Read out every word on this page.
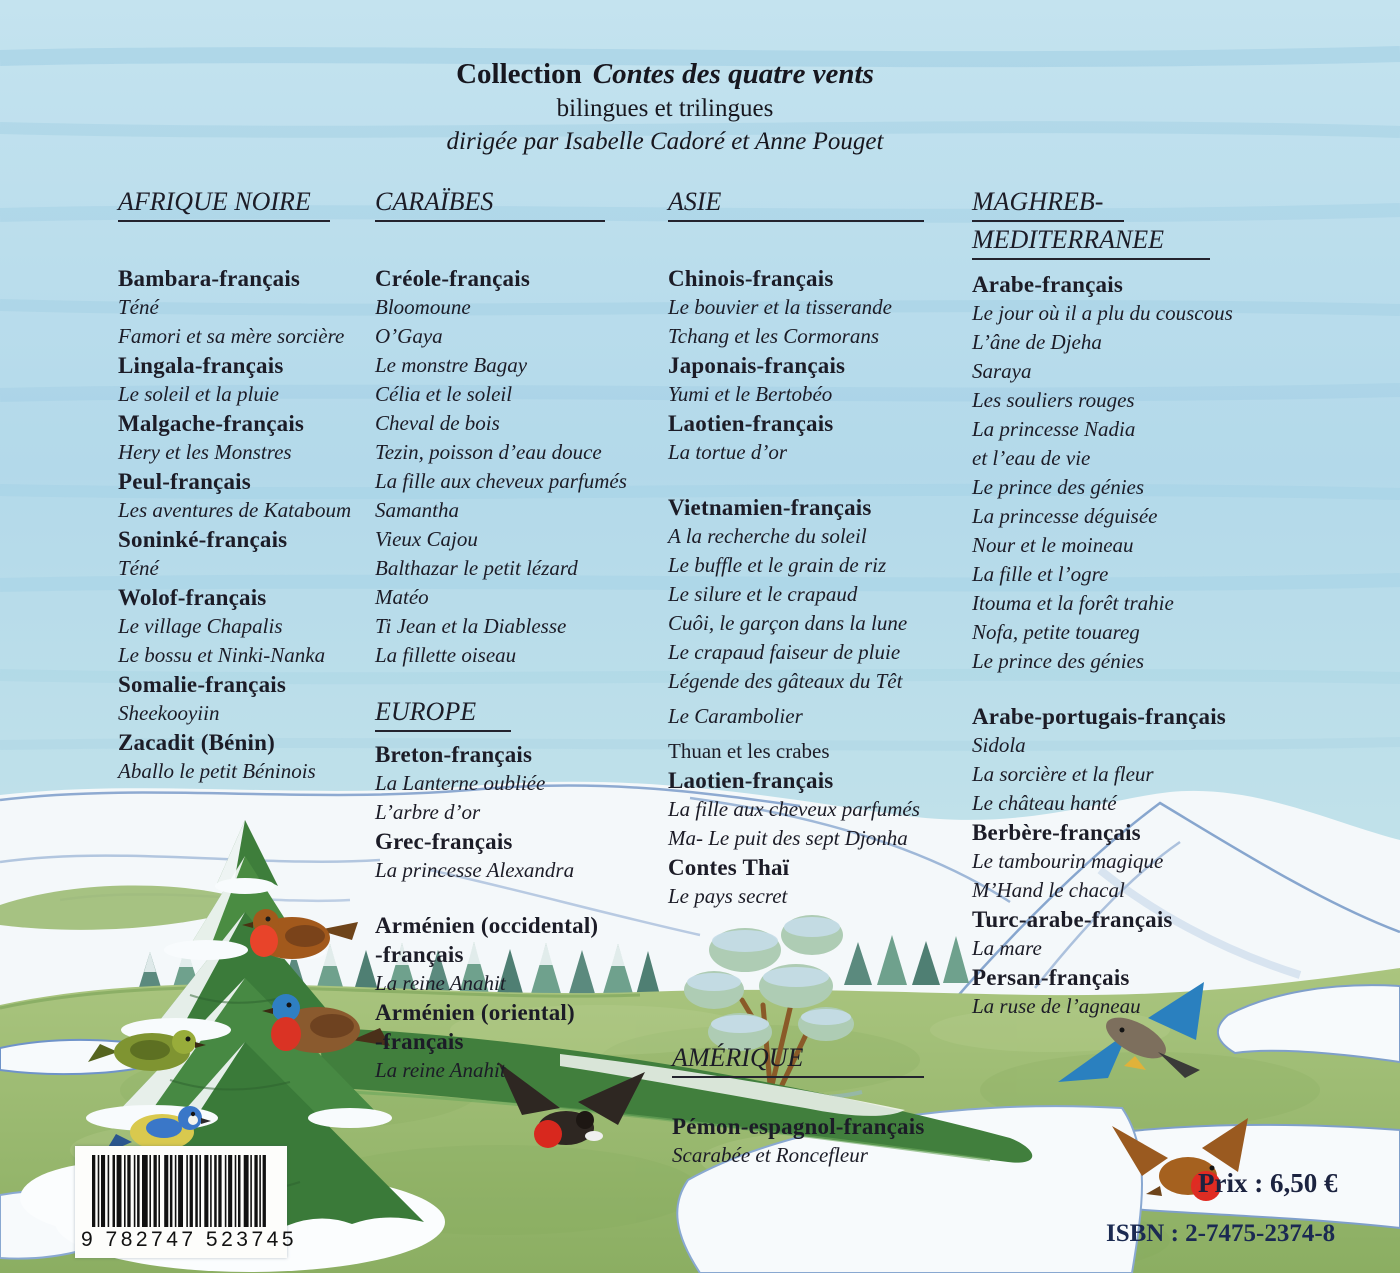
Collection Contes des quatre vents
bilingues et trilingues
dirigée par Isabelle Cadoré et Anne Pouget
AFRIQUE NOIRE
Bambara-français
Téné
Famori et sa mère sorcière
Lingala-français
Le soleil et la pluie
Malgache-français
Hery et les Monstres
Peul-français
Les aventures de Kataboum
Soninké-français
Téné
Wolof-français
Le village Chapalis
Le bossu et Ninki-Nanka
Somalie-français
Sheekooyiin
Zacadit (Bénin)
Aballo le petit Béninois
CARAÏBES
Créole-français
Bloomoune
O’Gaya
Le monstre Bagay
Célia et le soleil
Cheval de bois
Tezin, poisson d’eau douce
La fille aux cheveux parfumés
Samantha
Vieux Cajou
Balthazar le petit lézard
Matéo
Ti Jean et la Diablesse
La fillette oiseau
EUROPE
Breton-français
La Lanterne oubliée
L’arbre d’or
Grec-français
La princesse Alexandra
Arménien (occidental)
-français
La reine Anahit
Arménien (oriental)
-français
La reine Anahit
ASIE
Chinois-français
Le bouvier et la tisserande
Tchang et les Cormorans
Japonais-français
Yumi et le Bertobéo
Laotien-français
La tortue d’or
Vietnamien-français
A la recherche du soleil
Le buffle et le grain de riz
Le silure et le crapaud
Cuôi, le garçon dans la lune
Le crapaud faiseur de pluie
Légende des gâteaux du Têt
Le Carambolier
Thuan et les crabes
Laotien-français
La fille aux cheveux parfumés
Ma- Le puit des sept Djonha
Contes Thaï
Le pays secret
MAGHREB-
MEDITERRANEE
Arabe-français
Le jour où il a plu du couscous
L’âne de Djeha
Saraya
Les souliers rouges
La princesse Nadia
et l’eau de vie
Le prince des génies
La princesse déguisée
Nour et le moineau
La fille et l’ogre
Itouma et la forêt trahie
Nofa, petite touareg
Le prince des génies
Arabe-portugais-français
Sidola
La sorcière et la fleur
Le château hanté
Berbère-français
Le tambourin magique
M’Hand le chacal
Turc-arabe-français
La mare
Persan-français
La ruse de l’agneau
AMÉRIQUE
Pémon-espagnol-français
Scarabée et Roncefleur
9 782747 523745
Prix : 6,50 €
ISBN : 2-7475-2374-8
